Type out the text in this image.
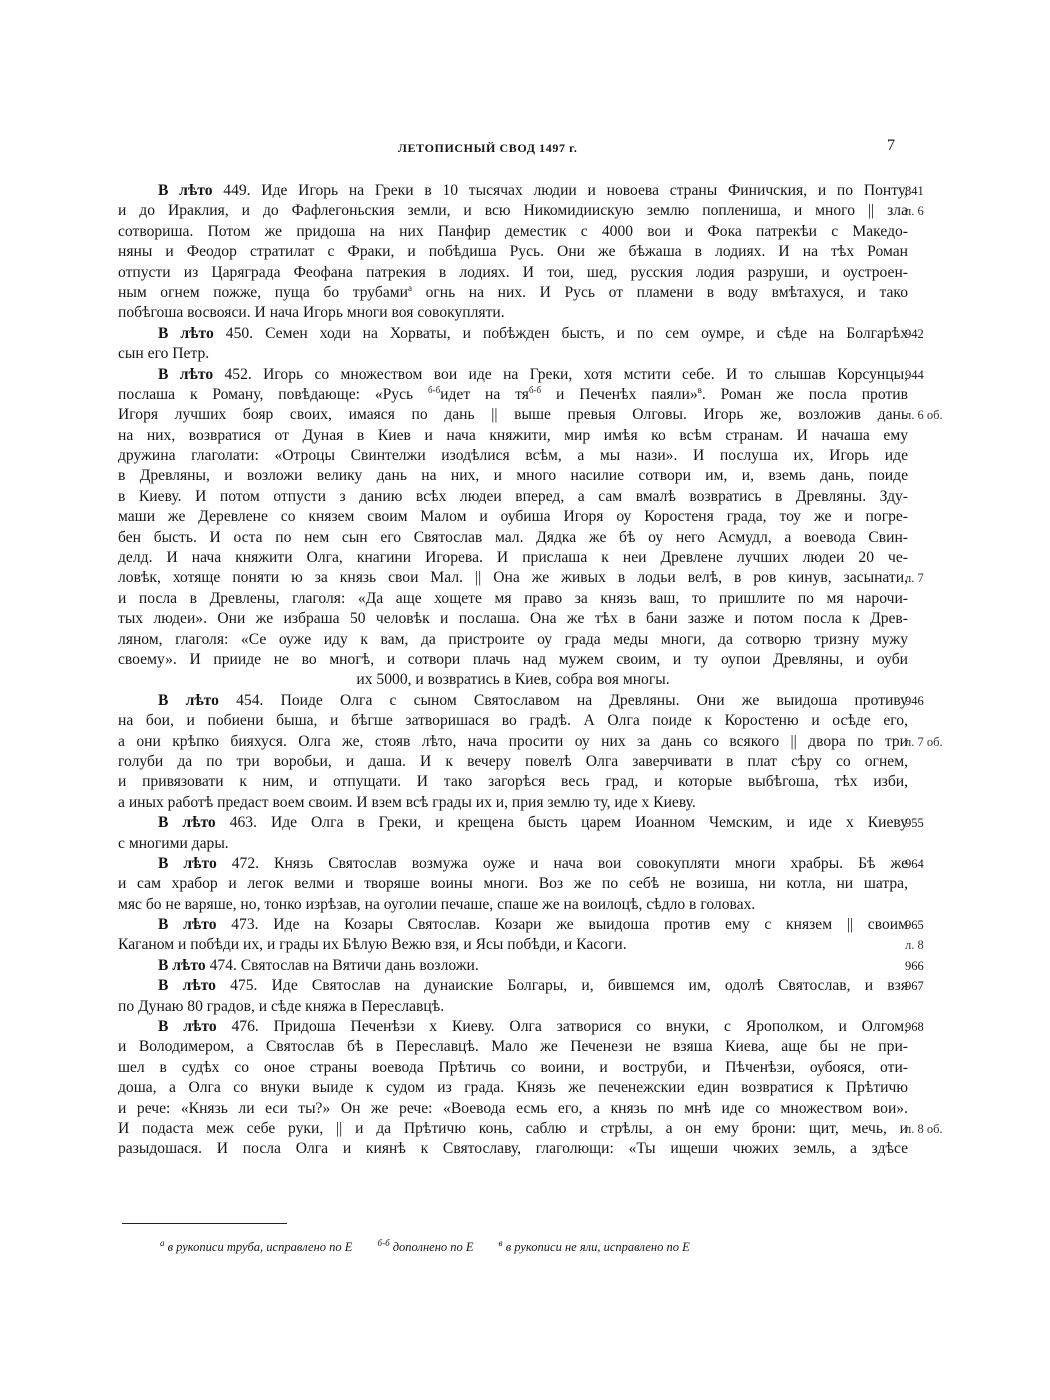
ЛЕТОПИСНЫЙ СВОД 1497 г.	7
В лѣто 449. Иде Игорь на Греки в 10 тысячах людии и новоева страны Финичския, и по Понту,
841
и до Ираклия, и до Фафлегоньския земли, и всю Никомидиискую землю поплениша, и много || зла
л. 6
сотвориша. Потом же придоша на них Панфир деместик с 4000 вои и Фока патрекѣи с Македо-
няны и Феодор стратилат с Фраки, и побѣдиша Русь. Они же бѣжаша в лодиях. И на тѣх Роман
отпусти из Царяграда Феофана патрекия в лодиях. И тои, шед, русския лодия разруши, и оустроен-
ным огнем пожже, пуща бо трубами$^а$ огнь на них. И Русь от пламени в воду вмѣтахуся, и тако
побѣгоша восвояси. И нача Игорь многи воя совокупляти.
В лѣто 450. Семен ходи на Хорваты, и побѣжден бысть, и по сем оумре, и сѣде на Болгарѣх
942
сын его Петр.
В лѣто 452. Игорь со множеством вои иде на Греки, хотя мстити себе. И то слышав Корсунцы,
944
послаша к Роману, повѣдающе: «Русь $^{б-б}$идет на $тя^{б-б}$ и Печенѣх паяли»$^в$. Роман же посла против
Игоря лучших бояр своих, имаяся по дань || выше превыя Олговы. Игорь же, возложив дань
л. 6 об.
на них, возвратися от Дуная в Киев и нача княжити, мир имѣя ко всѣм странам. И начаша ему
дружина глаголати: «Отроцы Свинтелжи изодѣлися всѣм, а мы нази». И послуша их, Игорь иде
в Древляны, и возложи велику дань на них, и много насилие сотвори им, и, вземь дань, поиде
в Киеву. И потом отпусти з данию всѣх людеи вперед, а сам вмалѣ возвратись в Древляны. Зду-
маши же Деревлене со князем своим Малом и оубиша Игоря оу Коростеня града, тоу же и погре-
бен бысть. И оста по нем сын его Святослав мал. Дядка же бѣ оу него Асмудл, а воевода Свин-
делд. И нача княжити Олга, кнагини Игорева. И прислаша к неи Древлене лучших людеи 20 че-
ловѣк, хотяще поняти ю за князь свои Мал. || Она же живых в лодьи велѣ, в ров кинув, засынати,
л. 7
и посла в Древлены, глаголя: «Да аще хощете мя право за князь ваш, то пришлите по мя нарочи-
тых людеи». Они же избраша 50 человѣк и послаша. Она же тѣх в бани зазже и потом посла к Древ-
ляном, глаголя: «Се оуже иду к вам, да пристроите оу града меды многи, да сотворю тризну мужу
своему». И прииде не во многѣ, и сотвори плачь над мужем своим, и ту оупои Древляны, и оуби
их 5000, и возвратись в Киев, собра воя многы.
В лѣто 454. Поиде Олга с сыном Святославом на Древляны. Они же выидоша противу
946
на бои, и побиени быша, и бѣгше затворишася во градѣ. А Олга поиде к Коростеню и осѣде его,
а они крѣпко бияхуся. Олга же, стояв лѣто, нача просити оу них за дань со всякого || двора по три
л. 7 об.
голуби да по три воробьи, и даша. И к вечеру повелѣ Олга заверчивати в плат сѣру со огнем,
и привязовати к ним, и отпущати. И тако загорѣся весь град, и которые выбѣгоша, тѣх изби,
а иных работѣ предаст воем своим. И взем всѣ грады их и, прия землю ту, иде х Киеву.
В лѣто 463. Иде Олга в Греки, и крещена бысть царем Иоанном Чемским, и иде х Киеву
955
с многими дары.
В лѣто 472. Князь Святослав возмужа оуже и нача вои совокупляти многи храбры. Бѣ же
964
и сам храбор и легок велми и творяше воины многи. Воз же по себѣ не возиша, ни котла, ни шатра,
мяс бо не варяше, но, тонко изрѣзав, на оуголии печаше, спаше же на воилоцѣ, сѣдло в головах.
В лѣто 473. Иде на Козары Святослав. Козари же выидоша против ему с князем || своим
965
Каганом и побѣди их, и грады их Бѣлую Вежю взя, и Ясы побѣди, и Касоги.	л. 8
В лѣто 474. Святослав на Вятичи дань возложи.	966
В лѣто 475. Иде Святослав на дунаиские Болгары, и, бившемся им, одолѣ Святослав, и взя
967
по Дунаю 80 градов, и сѣде княжа в Переславцѣ.
В лѣто 476. Придоша Печенѣзи х Киеву. Олга затворися со внуки, с Ярополком, и Олгом,
968
и Володимером, а Святослав бѣ в Переславцѣ. Мало же Печенези не взяша Киева, аще бы не при-
шел в судѣх со оное страны воевода Прѣтичь со воини, и воструби, и Пѣченѣзи, оубояся, оти-
доша, а Олга со внуки выиде к судом из града. Князь же печенежскии един возвратися к Прѣтичю
и рече: «Князь ли еси ты?» Он же рече: «Воевода есмь его, а князь по мнѣ иде со множеством вои».
И подаста меж себе руки, || и да Прѣтичю конь, саблю и стрѣлы, а он ему брони: щит, мечь, и
л. 8 об.
разыдошася. И посла Олга и киянѣ к Святославу, глаголющи: «Ты ищеши чюжих земль, а здѣсе
$^а$ в рукописи труба, исправлено по Е	$^{б-б}$ дополнено по Е	$^в$ в рукописи не яли, исправлено по Е
